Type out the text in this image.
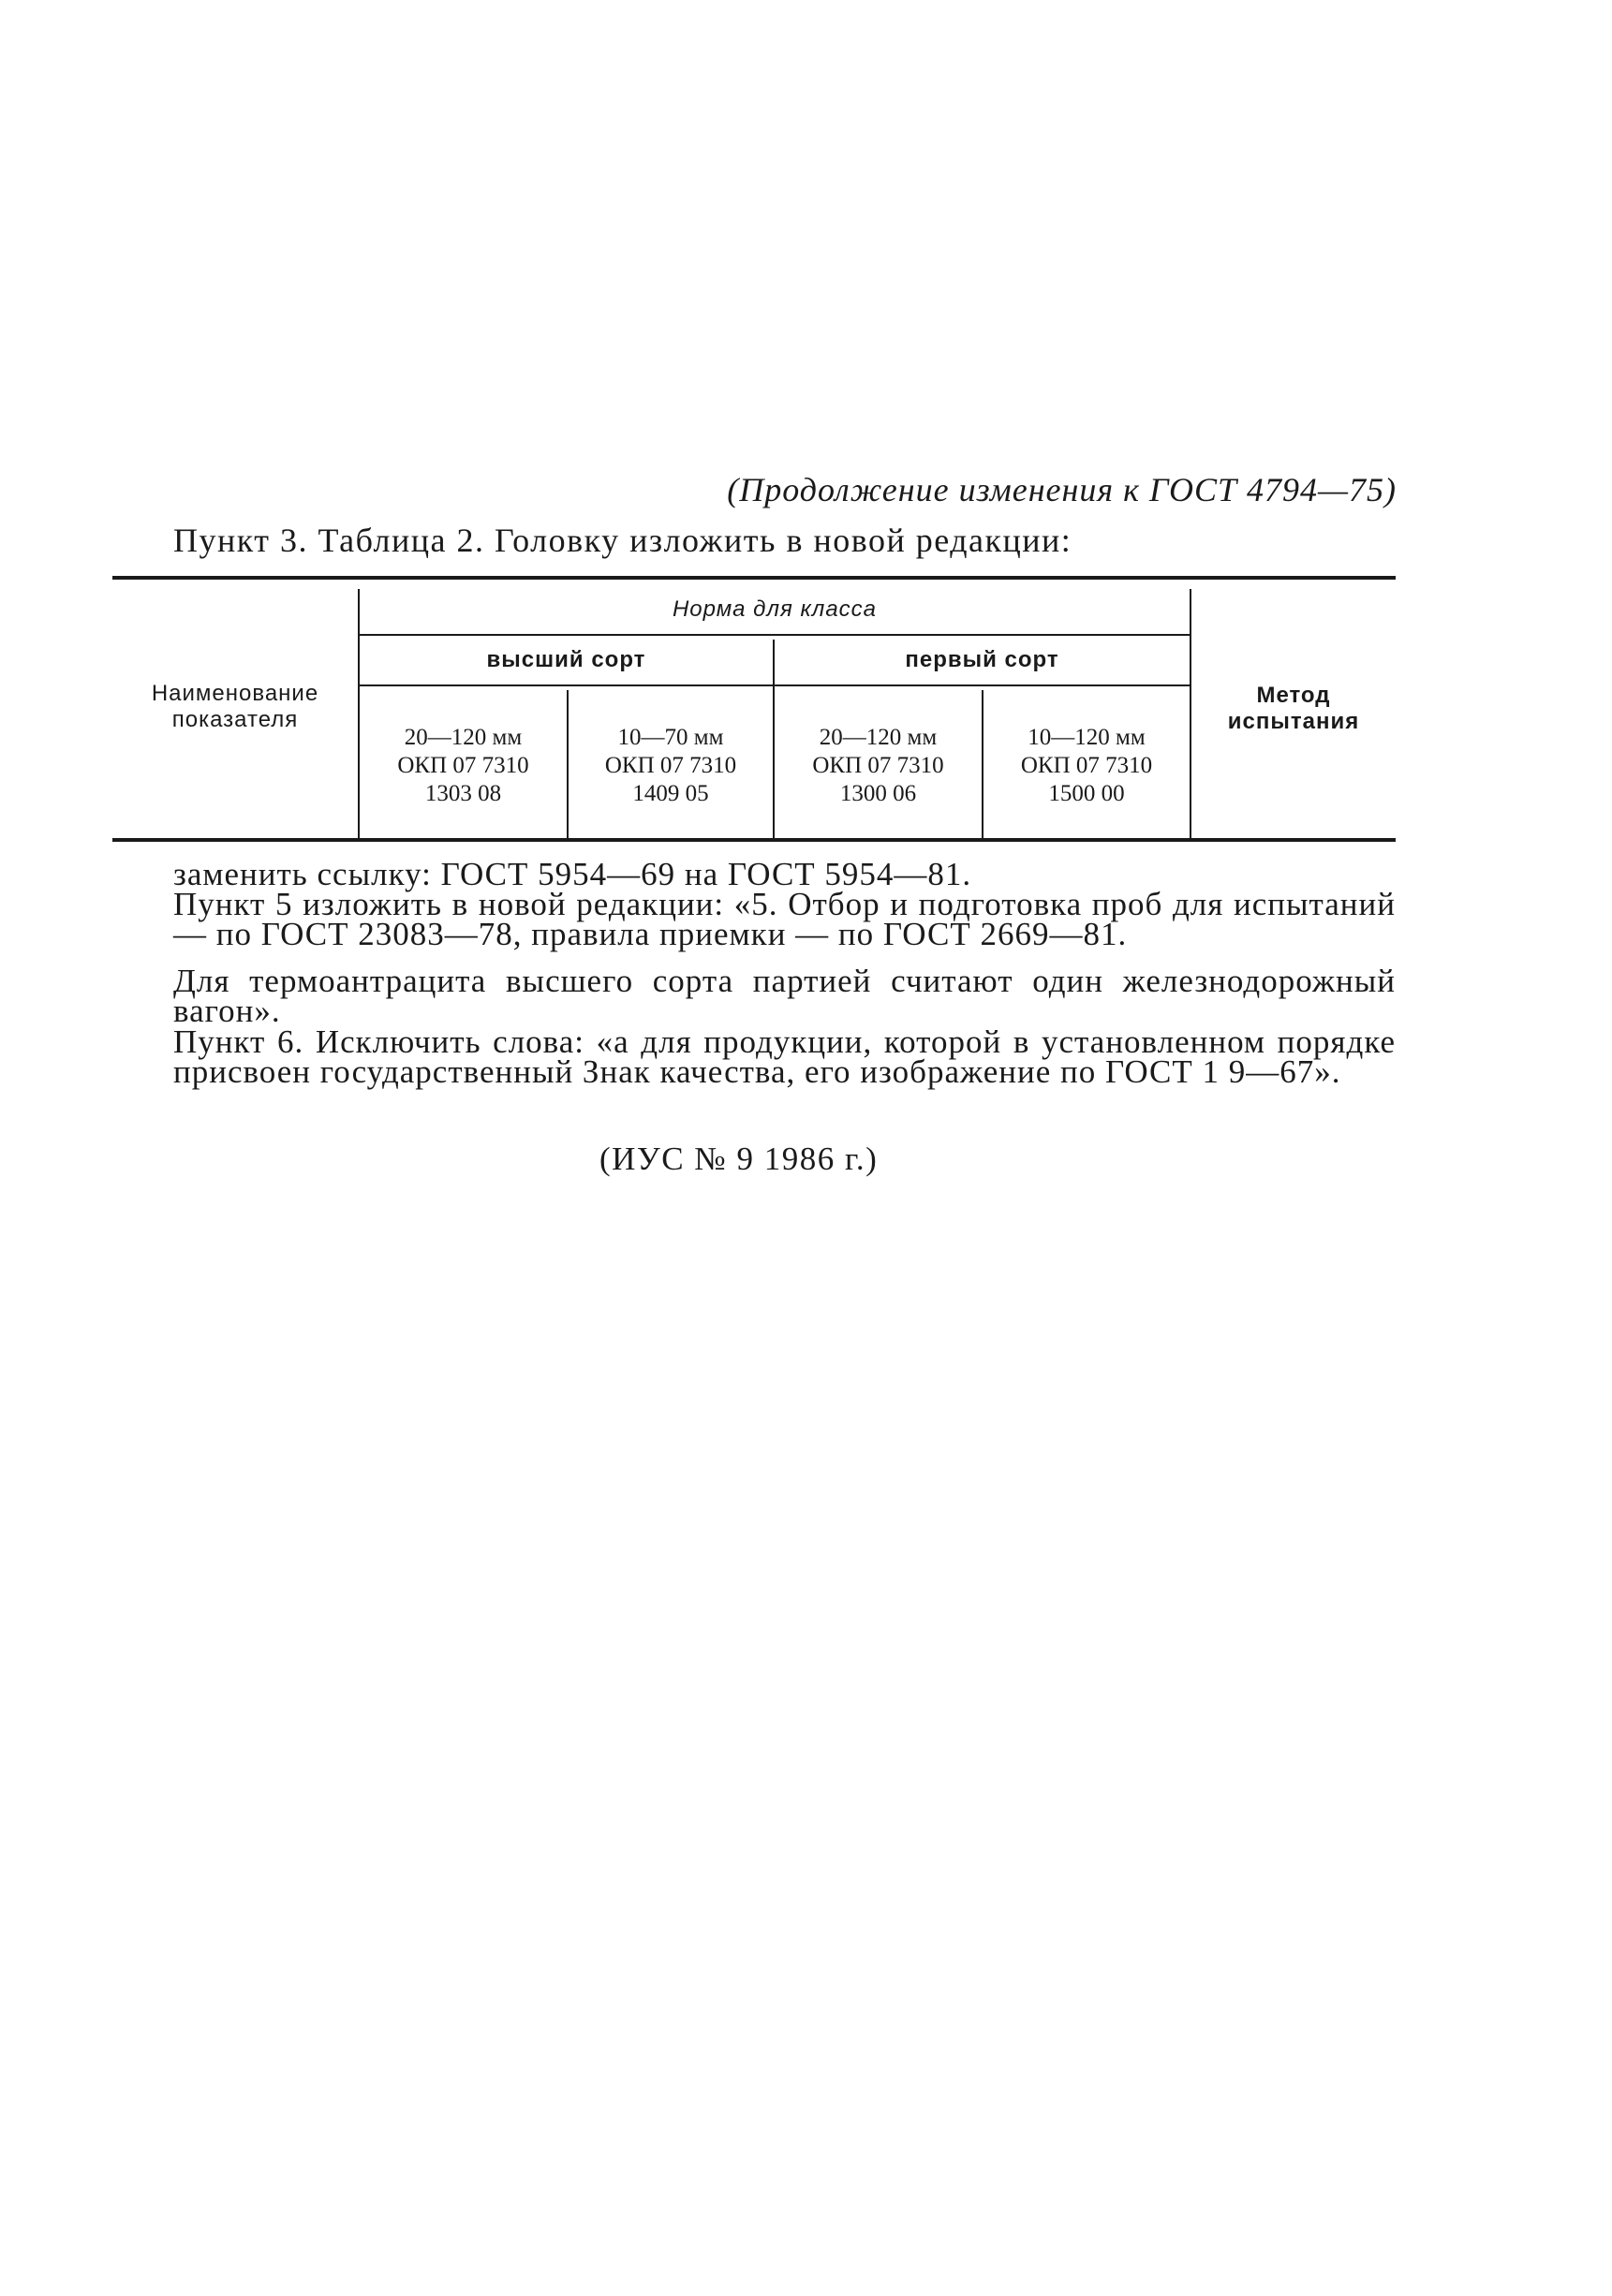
(Продолжение изменения к ГОСТ 4794—75)
Пункт 3. Таблица 2. Головку изложить в новой редакции:
Наименование показателя
Норма для класса
высший сорт	первый сорт
Метод испытания
20—120 мм
ОКП 07 7310
1303 08
10—70 мм
ОКП 07 7310
1409 05
20—120 мм
ОКП 07 7310
1300 06
10—120 мм
ОКП 07 7310
1500 00

заменить ссылку: ГОСТ 5954—69 на ГОСТ 5954—81.

Пункт 5 изложить в новой редакции: «5. Отбор и подготовка проб для испытаний — по ГОСТ 23083—78, правила приемки — по ГОСТ 2669—81.

Для термоантрацита высшего сорта партией считают один железнодорожный вагон».

Пункт 6. Исключить слова: «а для продукции, которой в установленном порядке присвоен государственный Знак качества, его изображение по ГОСТ 1 9—67».

(ИУС № 9 1986 г.)
